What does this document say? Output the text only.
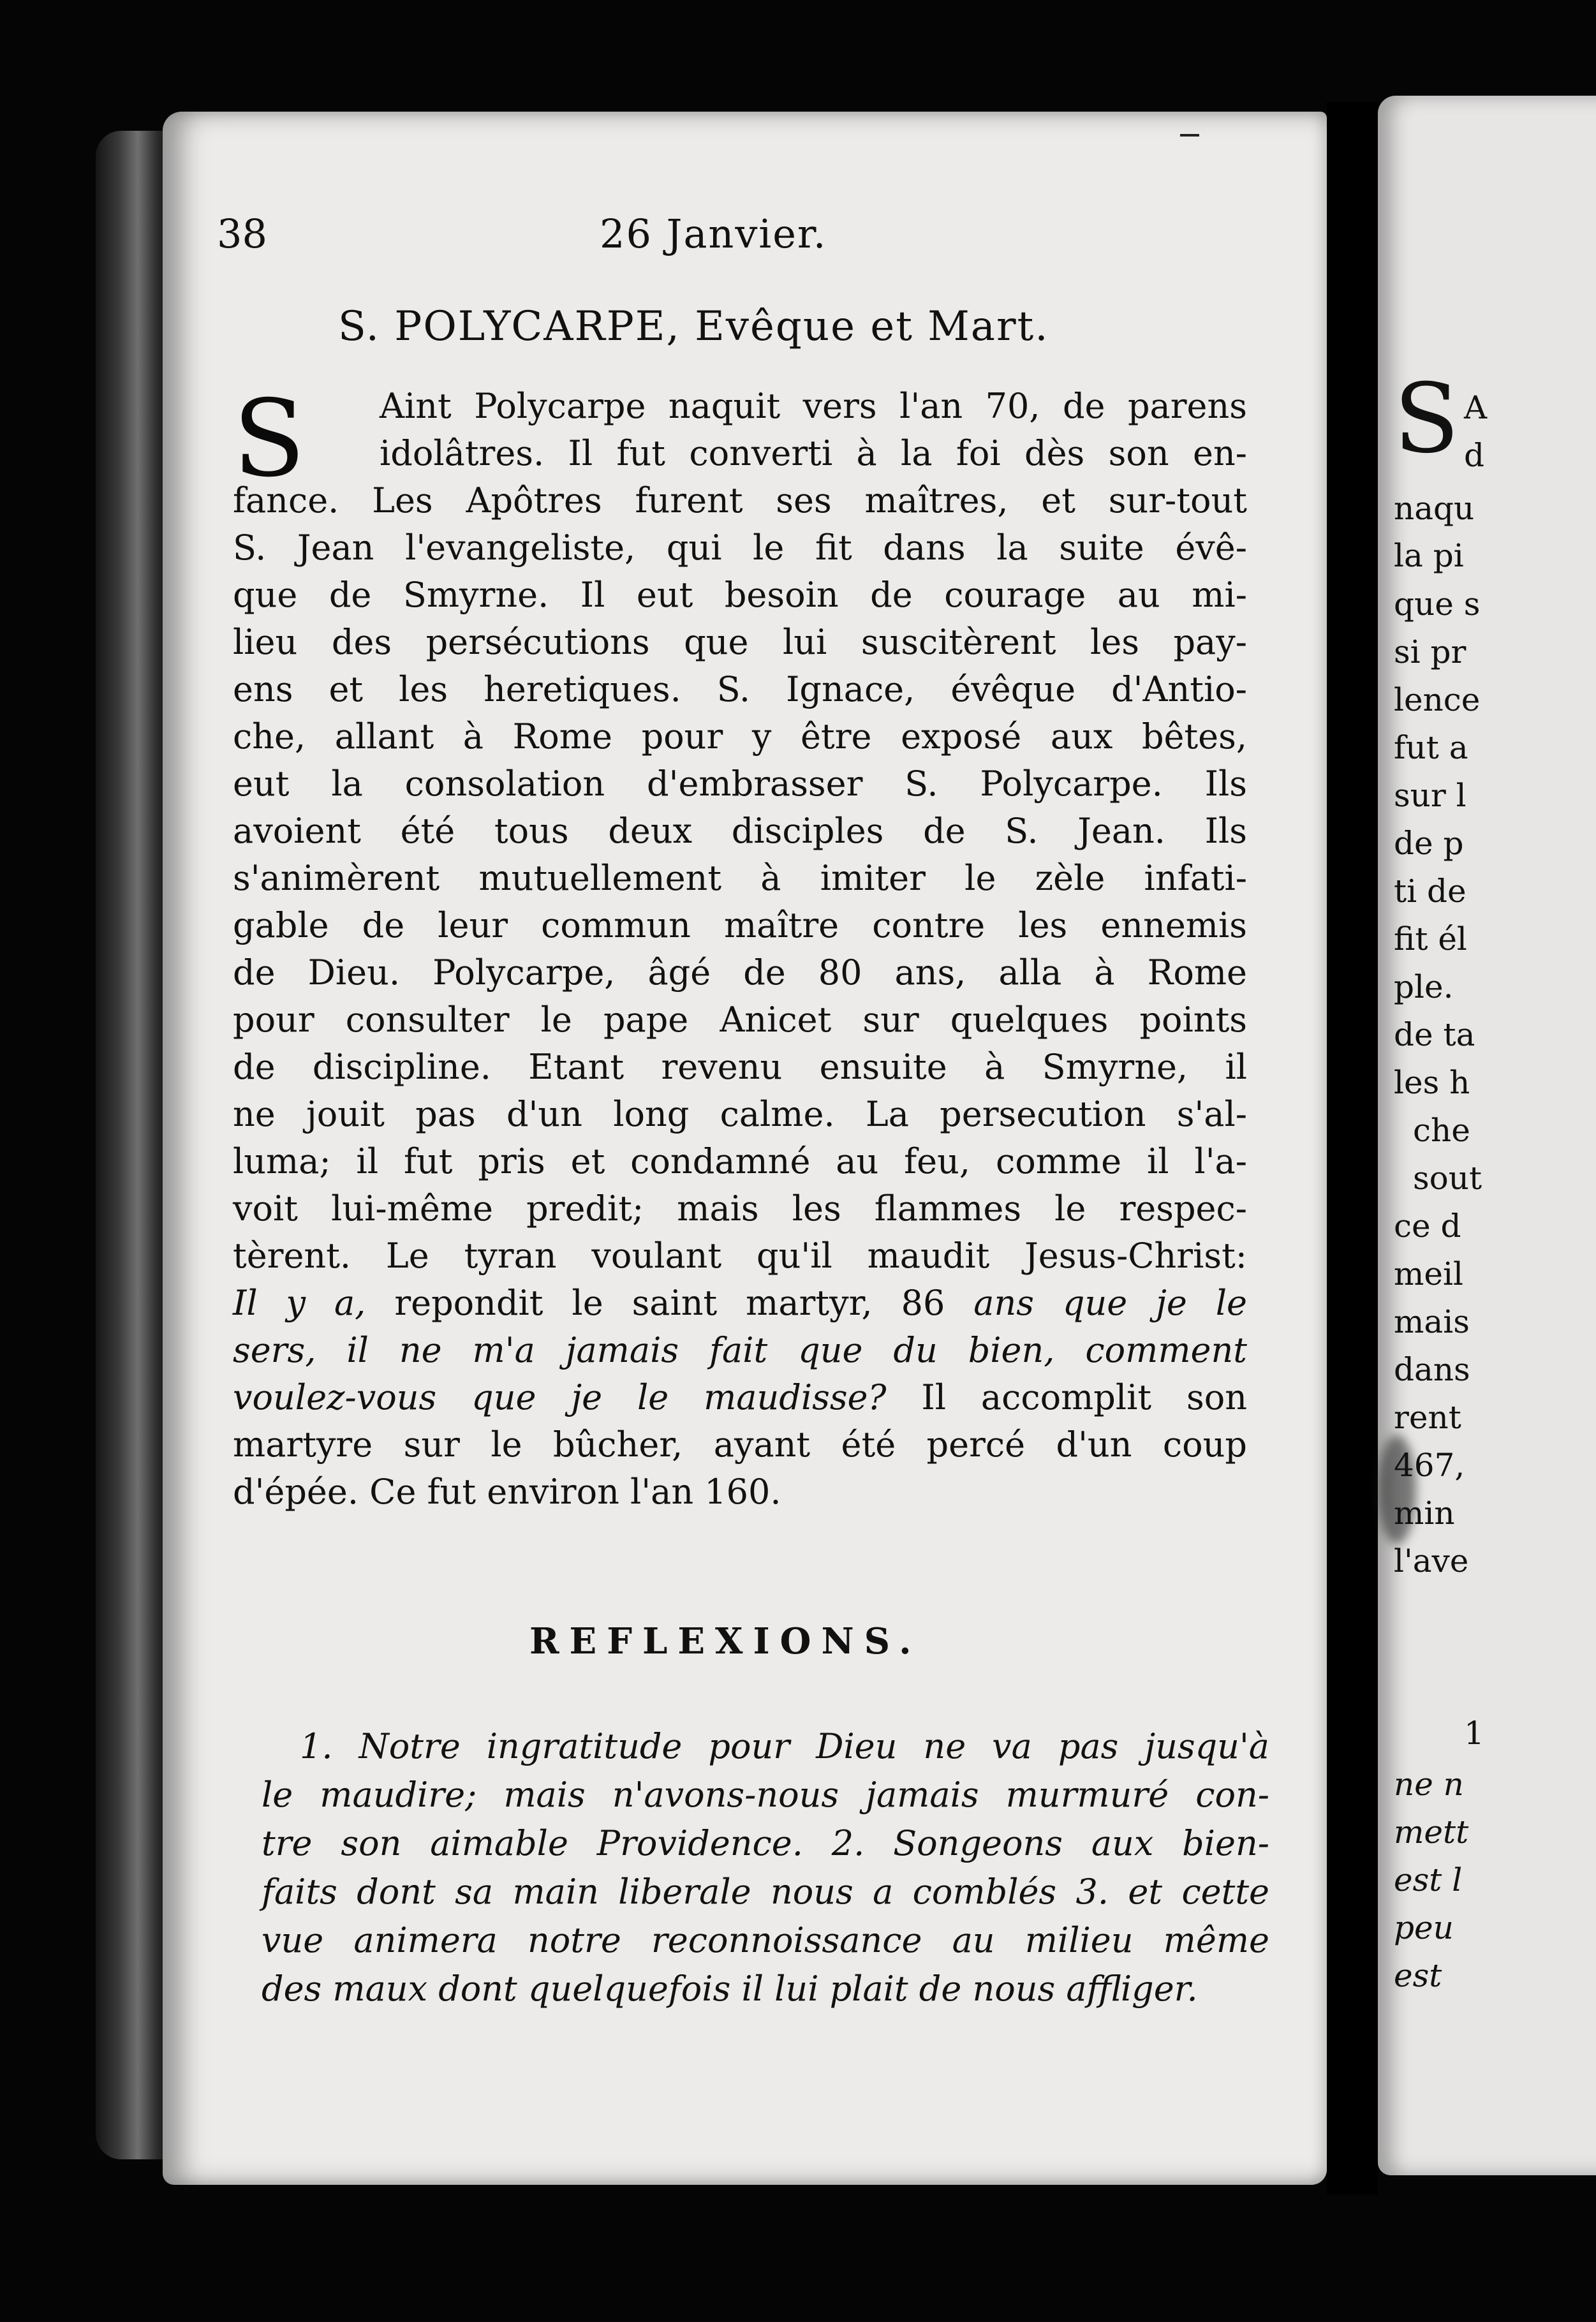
38	26 Janvier.
S. POLYCARPE, Evêque et Mart.
S	Aint Polycarpe naquit vers l'an 70, de parens
idolâtres. Il fut converti à la foi dès son en-
fance. Les Apôtres furent ses maîtres, et sur-tout
S. Jean l'evangeliste, qui le fit dans la suite évê-
que de Smyrne. Il eut besoin de courage au mi-
lieu des persécutions que lui suscitèrent les pay-
ens et les heretiques. S. Ignace, évêque d'Antio-
che, allant à Rome pour y être exposé aux bêtes,
eut la consolation d'embrasser S. Polycarpe. Ils
avoient été tous deux disciples de S. Jean. Ils
s'animèrent mutuellement à imiter le zèle infati-
gable de leur commun maître contre les ennemis
de Dieu. Polycarpe, âgé de 80 ans, alla à Rome
pour consulter le pape Anicet sur quelques points
de discipline. Etant revenu ensuite à Smyrne, il
ne jouit pas d'un long calme. La persecution s'al-
luma; il fut pris et condamné au feu, comme il l'a-
voit lui-même predit; mais les flammes le respec-
tèrent. Le tyran voulant qu'il maudit Jesus-Christ:
Il y a, repondit le saint martyr, 86 ans que je le
sers, il ne m'a jamais fait que du bien, comment
voulez-vous que je le maudisse? Il accomplit son
martyre sur le bûcher, ayant été percé d'un coup
d'épée. Ce fut environ l'an 160.
REFLEXIONS.
1. Notre ingratitude pour Dieu ne va pas jusqu'à
le maudire; mais n'avons-nous jamais murmuré con-
tre son aimable Providence. 2. Songeons aux bien-
faits dont sa main liberale nous a comblés 3. et cette
vue animera notre reconnoissance au milieu même
des maux dont quelquefois il lui plait de nous affliger.
S A
d
naqu
la pi
que s
si pr
lence
fut a
sur l
de p
ti de
fit él
ple.
de ta
les h
che
sout
ce d
meil
mais
dans
rent
467,
min
l'ave
1
ne n
mett
est l
peu
est
